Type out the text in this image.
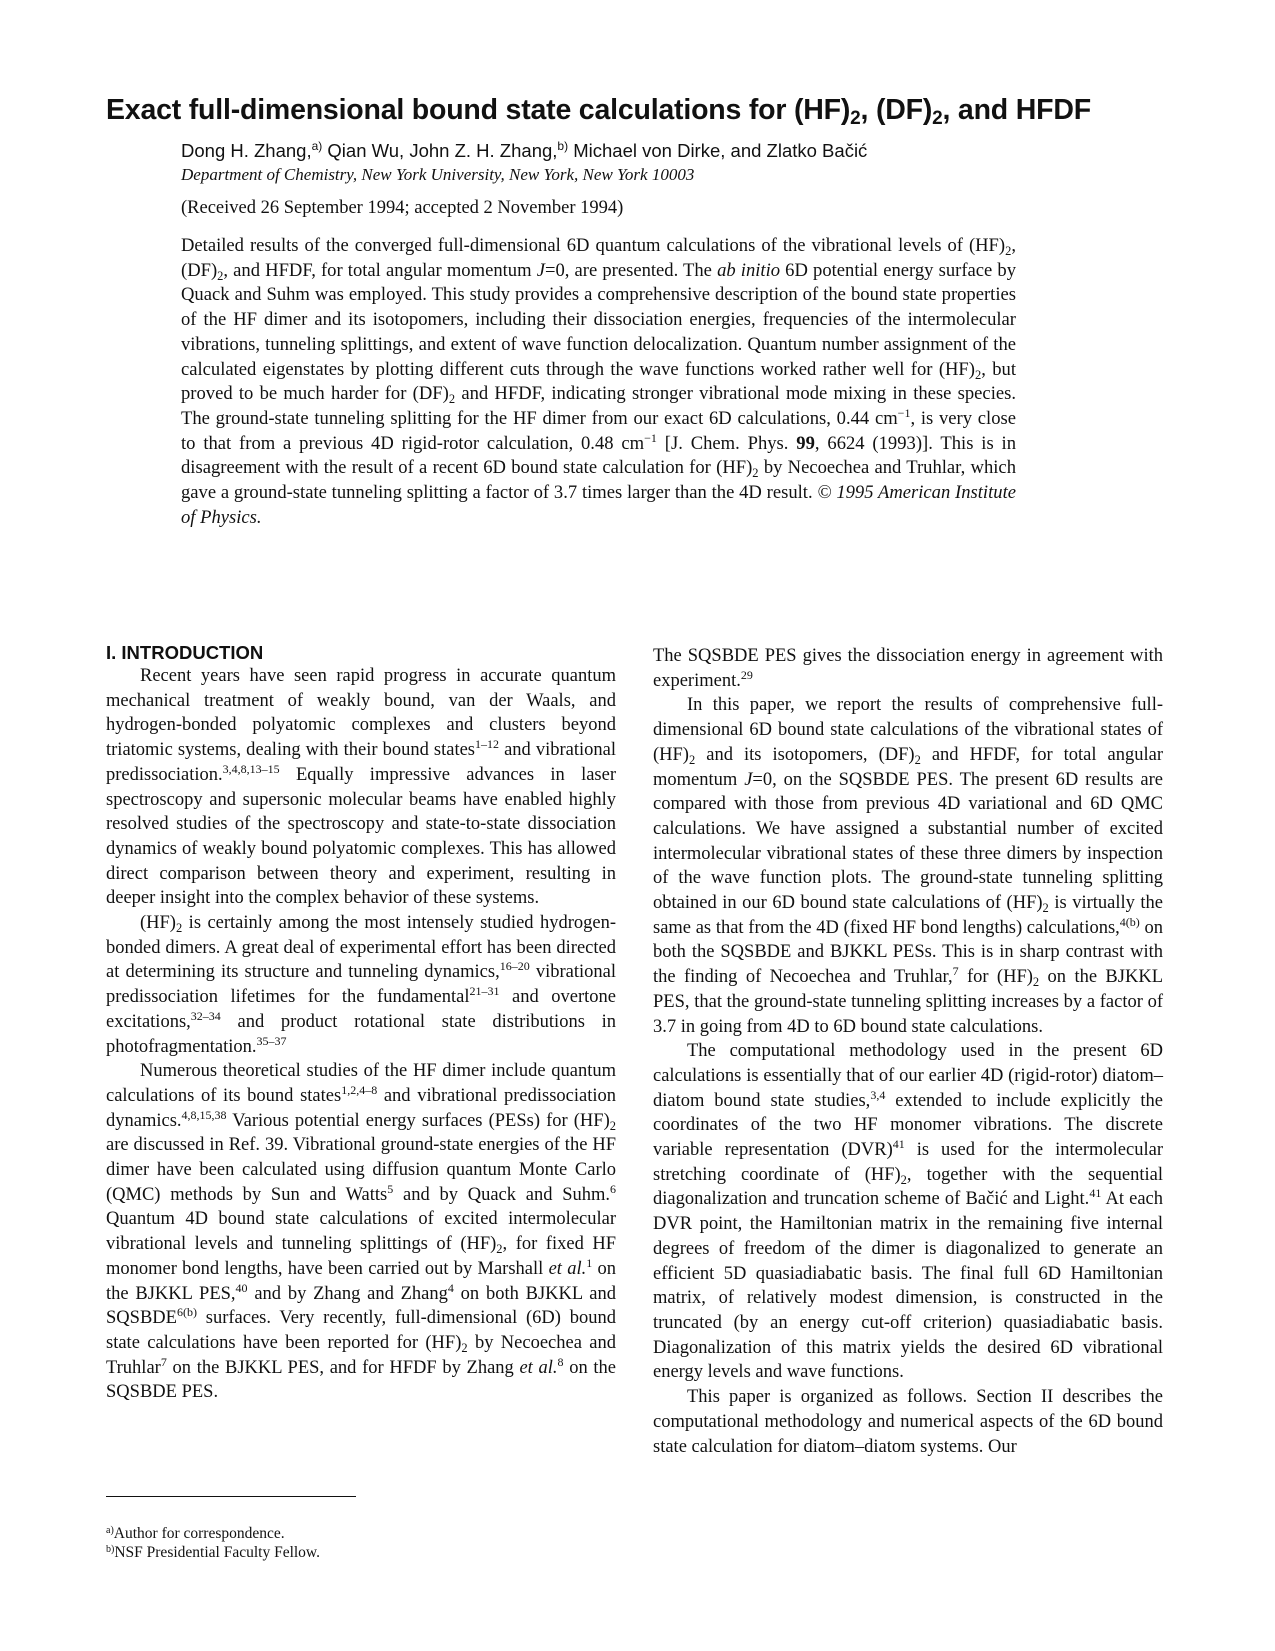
Exact full-dimensional bound state calculations for $(HF)_2$, $(DF)_2$, and HFDF
Dong H. Zhang,$^{a)}$ Qian Wu, John Z. H. Zhang,$^{b)}$ Michael von Dirke, and Zlatko Bačić
Department of Chemistry, New York University, New York, New York 10003
(Received 26 September 1994; accepted 2 November 1994)
Detailed results of the converged full-dimensional 6D quantum calculations of the vibrational levels of $(HF)_2$, $(DF)_2$, and HFDF, for total angular momentum J=0, are presented. The ab initio 6D potential energy surface by Quack and Suhm was employed. This study provides a comprehensive description of the bound state properties of the HF dimer and its isotopomers, including their dissociation energies, frequencies of the intermolecular vibrations, tunneling splittings, and extent of wave function delocalization. Quantum number assignment of the calculated eigenstates by plotting different cuts through the wave functions worked rather well for $(HF)_2$, but proved to be much harder for $(DF)_2$ and HFDF, indicating stronger vibrational mode mixing in these species. The ground-state tunneling splitting for the HF dimer from our exact 6D calculations, 0.44 $cm^{-1}$, is very close to that from a previous 4D rigid-rotor calculation, 0.48 $cm^{-1}$ [J. Chem. Phys. 99, 6624 (1993)]. This is in disagreement with the result of a recent 6D bound state calculation for $(HF)_2$ by Necoechea and Truhlar, which gave a ground-state tunneling splitting a factor of 3.7 times larger than the 4D result. © 1995 American Institute of Physics.
I. INTRODUCTION

Recent years have seen rapid progress in accurate quantum mechanical treatment of weakly bound, van der Waals, and hydrogen-bonded polyatomic complexes and clusters beyond triatomic systems, dealing with their bound states$^{1-12}$ and vibrational predissociation.$^{3,4,8,13-15}$ Equally impressive advances in laser spectroscopy and supersonic molecular beams have enabled highly resolved studies of the spectroscopy and state-to-state dissociation dynamics of weakly bound polyatomic complexes. This has allowed direct comparison between theory and experiment, resulting in deeper insight into the complex behavior of these systems.

$(HF)_2$ is certainly among the most intensely studied hydrogen-bonded dimers. A great deal of experimental effort has been directed at determining its structure and tunneling dynamics,$^{16-20}$ vibrational predissociation lifetimes for the fundamental$^{21-31}$ and overtone excitations,$^{32-34}$ and product rotational state distributions in photofragmentation.$^{35-37}$

Numerous theoretical studies of the HF dimer include quantum calculations of its bound states$^{1,2,4-8}$ and vibrational predissociation dynamics.$^{4,8,15,38}$ Various potential energy surfaces (PESs) for $(HF)_2$ are discussed in Ref. 39. Vibrational ground-state energies of the HF dimer have been calculated using diffusion quantum Monte Carlo (QMC) methods by Sun and Watts$^5$ and by Quack and Suhm.$^6$ Quantum 4D bound state calculations of excited intermolecular vibrational levels and tunneling splittings of $(HF)_2$, for fixed HF monomer bond lengths, have been carried out by Marshall et al.$^1$ on the BJKKL PES,$^{40}$ and by Zhang and Zhang$^4$ on both BJKKL and $SQSBDE^{6(b)}$ surfaces. Very recently, full-dimensional (6D) bound state calculations have been reported for $(HF)_2$ by Necoechea and Truhlar$^7$ on the BJKKL PES, and for HFDF by Zhang et al.$^8$ on the SQSBDE PES.

The SQSBDE PES gives the dissociation energy in agreement with experiment.$^{29}$

In this paper, we report the results of comprehensive full-dimensional 6D bound state calculations of the vibrational states of $(HF)_2$ and its isotopomers, $(DF)_2$ and HFDF, for total angular momentum J=0, on the SQSBDE PES. The present 6D results are compared with those from previous 4D variational and 6D QMC calculations. We have assigned a substantial number of excited intermolecular vibrational states of these three dimers by inspection of the wave function plots. The ground-state tunneling splitting obtained in our 6D bound state calculations of $(HF)_2$ is virtually the same as that from the 4D (fixed HF bond lengths) calculations,$^{4(b)}$ on both the SQSBDE and BJKKL PESs. This is in sharp contrast with the finding of Necoechea and Truhlar,$^7$ for $(HF)_2$ on the BJKKL PES, that the ground-state tunneling splitting increases by a factor of 3.7 in going from 4D to 6D bound state calculations.

The computational methodology used in the present 6D calculations is essentially that of our earlier 4D (rigid-rotor) diatom–diatom bound state studies,$^{3,4}$ extended to include explicitly the coordinates of the two HF monomer vibrations. The discrete variable representation (DVR)$^{41}$ is used for the intermolecular stretching coordinate of $(HF)_2$, together with the sequential diagonalization and truncation scheme of Bačić and Light.$^{41}$ At each DVR point, the Hamiltonian matrix in the remaining five internal degrees of freedom of the dimer is diagonalized to generate an efficient 5D quasiadiabatic basis. The final full 6D Hamiltonian matrix, of relatively modest dimension, is constructed in the truncated (by an energy cut-off criterion) quasiadiabatic basis. Diagonalization of this matrix yields the desired 6D vibrational energy levels and wave functions.

This paper is organized as follows. Section II describes the computational methodology and numerical aspects of the 6D bound state calculation for diatom–diatom systems. Our

$^{a)}$Author for correspondence.
$^{b)}$NSF Presidential Faculty Fellow.
